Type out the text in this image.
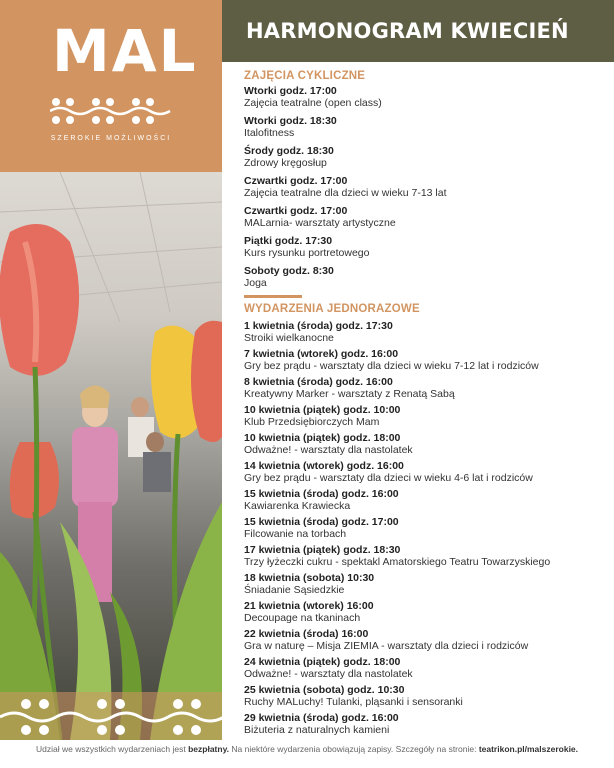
MAL
SZEROKIE MOŻLIWOŚCI
HARMONOGRAM KWIECIEŃ
ZAJĘCIA CYKLICZNE
Wtorki godz. 17:00
Zajęcia teatralne (open class)
Wtorki godz. 18:30
Italofitness
Środy godz. 18:30
Zdrowy kręgosłup
Czwartki godz. 17:00
Zajęcia teatralne dla dzieci w wieku 7-13 lat
Czwartki godz. 17:00
MALarnia- warsztaty artystyczne
Piątki godz. 17:30
Kurs rysunku portretowego
Soboty godz. 8:30
Joga
WYDARZENIA JEDNORAZOWE
1 kwietnia (środa) godz. 17:30
Stroiki wielkanocne
7 kwietnia (wtorek) godz. 16:00
Gry bez prądu - warsztaty dla dzieci w wieku 7-12 lat i rodziców
8 kwietnia (środa) godz. 16:00
Kreatywny Marker - warsztaty z Renatą Sabą
10 kwietnia (piątek) godz. 10:00
Klub Przedsiębiorczych Mam
10 kwietnia (piątek) godz. 18:00
Odważne! - warsztaty dla nastolatek
14 kwietnia (wtorek) godz. 16:00
Gry bez prądu - warsztaty dla dzieci w wieku 4-6 lat i rodziców
15 kwietnia (środa) godz. 16:00
Kawiarenka Krawiecka
15 kwietnia (środa) godz. 17:00
Filcowanie na torbach
17 kwietnia (piątek) godz. 18:30
Trzy łyżeczki cukru - spektakl Amatorskiego Teatru Towarzyskiego
18 kwietnia (sobota) 10:30
Śniadanie Sąsiedzkie
21 kwietnia (wtorek) 16:00
Decoupage na tkaninach
22 kwietnia (środa) 16:00
Gra w naturę – Misja ZIEMIA - warsztaty dla dzieci i rodziców
24 kwietnia (piątek) godz. 18:00
Odważne! - warsztaty dla nastolatek
25 kwietnia (sobota) godz. 10:30
Ruchy MALuchy! Tulanki, pląsanki i sensoranki
29 kwietnia (środa) godz. 16:00
Biżuteria z naturalnych kamieni
Udział we wszystkich wydarzeniach jest bezpłatny. Na niektóre wydarzenia obowiązują zapisy. Szczegóły na stronie: teatrikon.pl/malszerokie.
